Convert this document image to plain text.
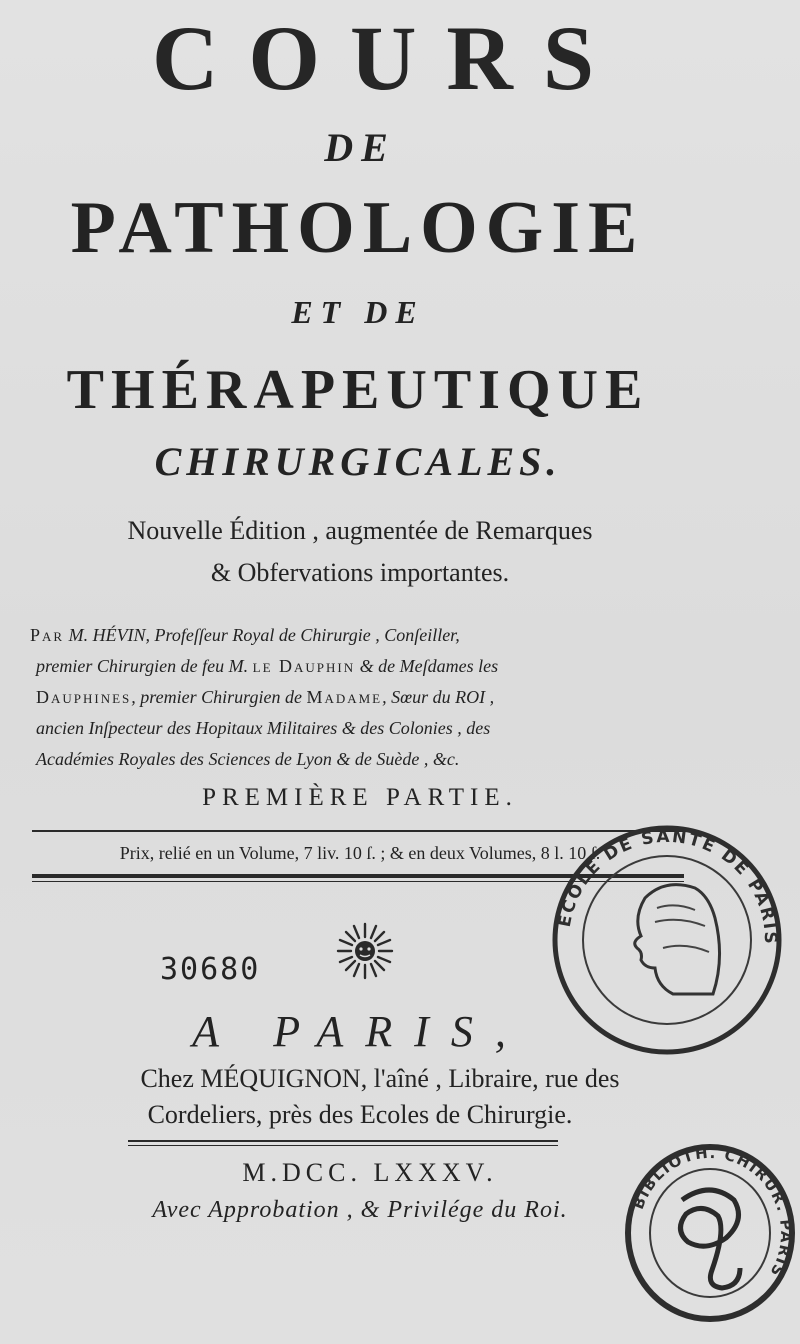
COURS
DE
PATHOLOGIE
ET DE
THÉRAPEUTIQUE
CHIRURGICALES.
Nouvelle Édition , augmentée de Remarques
& Obfervations importantes.

Par M. HÉVIN, Profeſſeur Royal de Chirurgie , Conſeiller,

premier Chirurgien de feu M. le Dauphin & de Meſdames les

Dauphines, premier Chirurgien de Madame, Sœur du ROI ,

ancien Inſpecteur des Hopitaux Militaires & des Colonies , des

Académies Royales des Sciences de Lyon & de Suède , &c.

PREMIÈRE PARTIE.
Prix, relié en un Volume, 7 liv. 10 ſ. ; & en deux Volumes, 8 l. 10 ſ.
30680
A PARIS,
Chez MÉQUIGNON, l'aîné , Libraire, rue des
Cordeliers, près des Ecoles de Chirurgie.
M.DCC. LXXXV.
Avec Approbation , & Privilége du Roi.
ÉCOLE DE SANTÉ DE PARIS
BIBLIOTH. CHIRUR. PARIS
